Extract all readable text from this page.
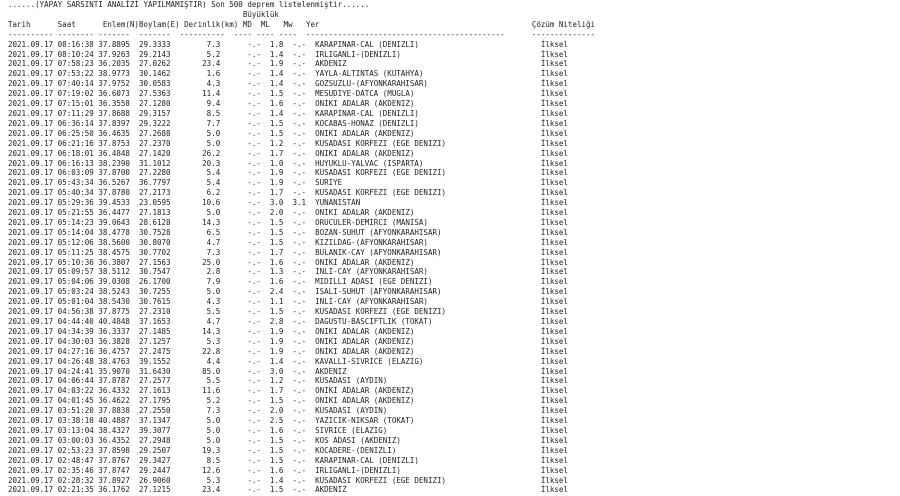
......(YAPAY SARSINTI ANALİZİ YAPILMAMIŞTIR) Son 500 deprem listelenmiştir......
Büyüklük
Tarih      Saat      Enlem(N)Boylam(E) Derinlik(km) MD  ML   Mw   Yer                                               Çözüm Niteliği
---------- -------- -------  -------  ----------  ---- ---- ----  --------------------------------------------      --------------
2021.09.17 08:16:38 37.8895  29.3333        7.3      -.-  1.8  -.-  KARAPINAR-CAL (DENIZLI)                           İlksel
2021.09.17 08:10:24 37.9263  29.2143        5.2      -.-  1.4  -.-  IRLIGANLI-(DENIZLI)                               İlksel
2021.09.17 07:58:23 36.2035  27.0262       23.4      -.-  1.9  -.-  AKDENIZ                                           İlksel
2021.09.17 07:53:22 38.9773  30.1462        1.6      -.-  1.4  -.-  YAYLA-ALTINTAS (KUTAHYA)                          İlksel
2021.09.17 07:40:14 37.9752  30.0583        4.3      -.-  1.4  -.-  GOZSUZLU-(AFYONKARAHISAR)                         İlksel
2021.09.17 07:19:02 36.6073  27.5363       11.4      -.-  1.5  -.-  MESUDIYE-DATCA (MUGLA)                            İlksel
2021.09.17 07:15:01 36.3558  27.1280        9.4      -.-  1.6  -.-  ONIKI ADALAR (AKDENIZ)                            İlksel
2021.09.17 07:11:29 37.8688  29.3157        8.5      -.-  1.4  -.-  KARAPINAR-CAL (DENIZLI)                           İlksel
2021.09.17 06:36:14 37.8397  29.3222        7.7      -.-  1.5  -.-  KOCABAS-HONAZ (DENIZLI)                           İlksel
2021.09.17 06:25:50 36.4635  27.2688        5.0      -.-  1.5  -.-  ONIKI ADALAR (AKDENIZ)                            İlksel
2021.09.17 06:21:16 37.8753  27.2370        5.0      -.-  1.2  -.-  KUSADASI KORFEZI (EGE DENIZI)                     İlksel
2021.09.17 06:18:01 36.4848  27.1420       26.2      -.-  1.7  -.-  ONIKI ADALAR (AKDENIZ)                            İlksel
2021.09.17 06:16:13 38.2390  31.1012       20.3      -.-  1.0  -.-  HUYUKLU-YALVAC (ISPARTA)                          İlksel
2021.09.17 06:03:09 37.8700  27.2280        5.4      -.-  1.9  -.-  KUSADASI KORFEZI (EGE DENIZI)                     İlksel
2021.09.17 05:43:34 36.5267  36.7797        5.4      -.-  1.9  -.-  SURIYE                                            İlksel
2021.09.17 05:40:34 37.8780  27.2173        6.2      -.-  1.7  -.-  KUSADASI KORFEZI (EGE DENIZI)                     İlksel
2021.09.17 05:29:36 39.4533  23.0595       10.6      -.-  3.0  3.1  YUNANISTAN                                        İlksel
2021.09.17 05:21:55 36.4477  27.1813        5.0      -.-  2.0  -.-  ONIKI ADALAR (AKDENIZ)                            İlksel
2021.09.17 05:14:23 39.0643  28.6128       14.3      -.-  1.5  -.-  ORUCULER-DEMIRCI (MANISA)                         İlksel
2021.09.17 05:14:04 38.4778  30.7528        6.5      -.-  1.5  -.-  BOZAN-SUHUT (AFYONKARAHISAR)                      İlksel
2021.09.17 05:12:06 38.5600  30.8070        4.7      -.-  1.5  -.-  KIZILDAG-(AFYONKARAHISAR)                         İlksel
2021.09.17 05:11:25 38.4575  30.7702        7.3      -.-  1.7  -.-  BULANIK-CAY (AFYONKARAHISAR)                      İlksel
2021.09.17 05:10:36 36.3807  27.1563       25.0      -.-  1.6  -.-  ONIKI ADALAR (AKDENIZ)                            İlksel
2021.09.17 05:09:57 38.5112  30.7547        2.8      -.-  1.3  -.-  INLI-CAY (AFYONKARAHISAR)                         İlksel
2021.09.17 05:04:06 39.0308  26.1700        7.9      -.-  1.6  -.-  MIDILLI ADASI (EGE DENIZI)                        İlksel
2021.09.17 05:03:24 38.5243  30.7255        5.0      -.-  2.4  -.-  ISALI-SUHUT (AFYONKARAHISAR)                      İlksel
2021.09.17 05:01:04 38.5430  30.7615        4.3      -.-  1.1  -.-  INLI-CAY (AFYONKARAHISAR)                         İlksel
2021.09.17 04:56:38 37.8775  27.2310        5.5      -.-  1.5  -.-  KUSADASI KORFEZI (EGE DENIZI)                     İlksel
2021.09.17 04:44:40 40.4848  37.1653        4.7      -.-  2.8  -.-  DAGUSTU-BASCIFTLIK (TOKAT)                        İlksel
2021.09.17 04:34:39 36.3337  27.1485       14.3      -.-  1.9  -.-  ONIKI ADALAR (AKDENIZ)                            İlksel
2021.09.17 04:30:03 36.3828  27.1257        5.3      -.-  1.9  -.-  ONIKI ADALAR (AKDENIZ)                            İlksel
2021.09.17 04:27:16 36.4757  27.2475       22.8      -.-  1.9  -.-  ONIKI ADALAR (AKDENIZ)                            İlksel
2021.09.17 04:26:48 38.4763  39.1552        4.4      -.-  1.4  -.-  KAVALLI-SIVRICE (ELAZIG)                          İlksel
2021.09.17 04:24:41 35.9070  31.6430       85.0      -.-  3.0  -.-  AKDENIZ                                           İlksel
2021.09.17 04:06:44 37.8787  27.2577        5.5      -.-  1.2  -.-  KUSADASI (AYDIN)                                  İlksel
2021.09.17 04:03:22 36.4332  27.1613       11.6      -.-  1.7  -.-  ONIKI ADALAR (AKDENIZ)                            İlksel
2021.09.17 04:01:45 36.4622  27.1795        5.2      -.-  1.5  -.-  ONIKI ADALAR (AKDENIZ)                            İlksel
2021.09.17 03:51:20 37.8838  27.2550        7.3      -.-  2.0  -.-  KUSADASI (AYDIN)                                  İlksel
2021.09.17 03:38:10 40.4887  37.1347        5.0      -.-  2.5  -.-  YAZICIK-NIKSAR (TOKAT)                            İlksel
2021.09.17 03:13:04 38.4327  39.3077        5.0      -.-  1.6  -.-  SIVRICE (ELAZIG)                                  İlksel
2021.09.17 03:00:03 36.4352  27.2948        5.0      -.-  1.5  -.-  KOS ADASI (AKDENIZ)                               İlksel
2021.09.17 02:53:23 37.8598  29.2507       19.3      -.-  1.5  -.-  KOCADERE-(DENIZLI)                                İlksel
2021.09.17 02:48:47 37.8767  29.3427        8.5      -.-  1.5  -.-  KARAPINAR-CAL (DENIZLI)                           İlksel
2021.09.17 02:35:46 37.8747  29.2447       12.6      -.-  1.6  -.-  IRLIGANLI-(DENIZLI)                               İlksel
2021.09.17 02:28:32 37.8927  26.9060        5.3      -.-  1.4  -.-  KUSADASI KORFEZI (EGE DENIZI)                     İlksel
2021.09.17 02:21:35 36.1762  27.1215       23.4      -.-  1.5  -.-  AKDENIZ                                           İlksel
